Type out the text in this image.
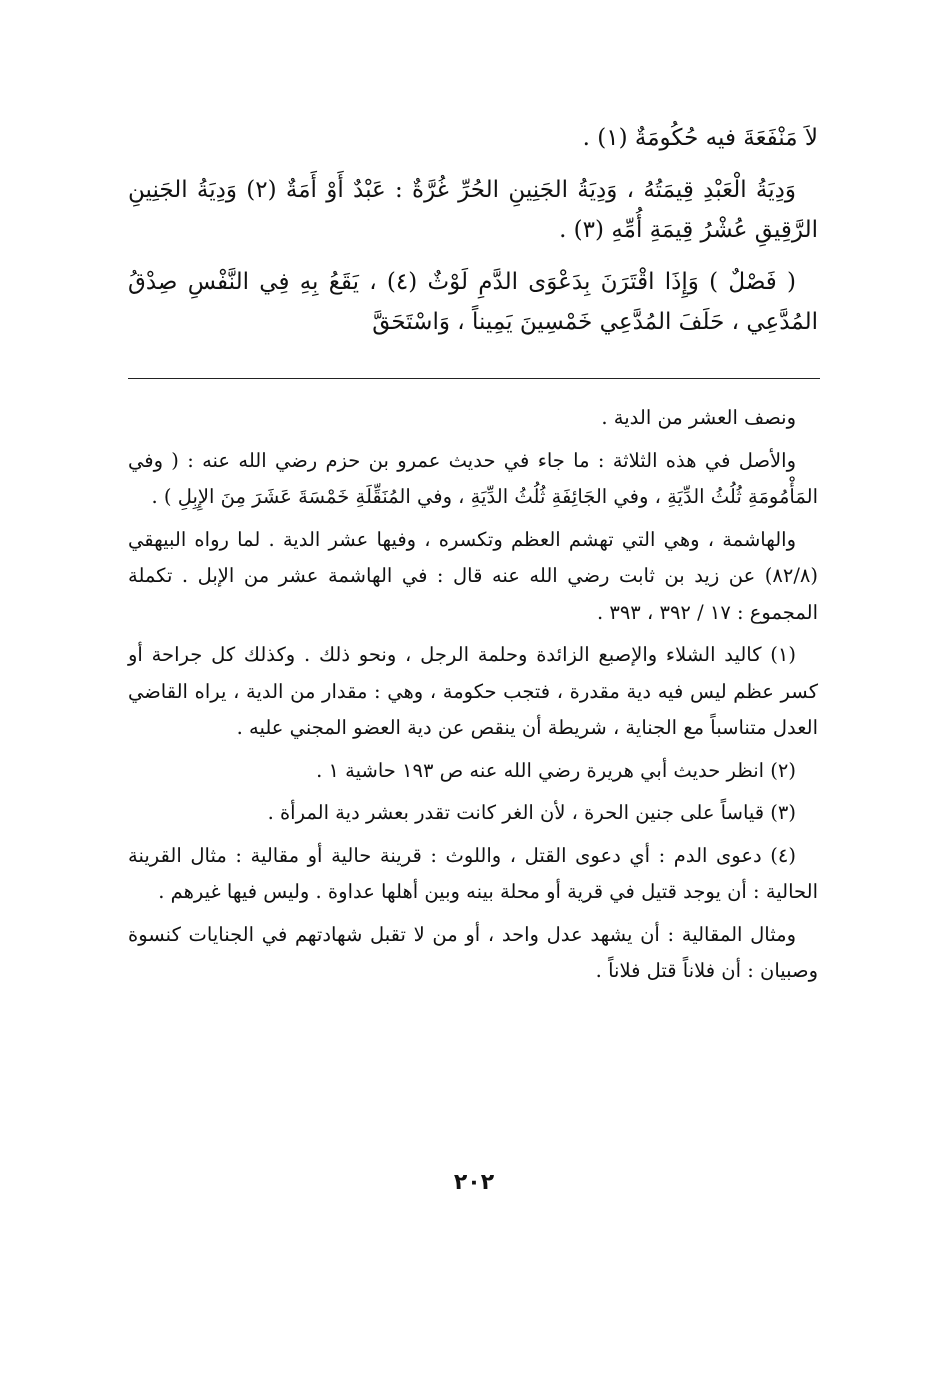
لاَ مَنْفَعَةَ فيه حُكُومَةٌ (١) .

وَدِيَةُ الْعَبْدِ قِيمَتُهُ ، وَدِيَةُ الجَنِينِ الحُرِّ غُرَّةٌ : عَبْدٌ أَوْ أَمَةٌ (٢) وَدِيَةُ الجَنِينِ الرَّقِيقِ عُشْرُ قِيمَةِ أُمِّهِ (٣) .

( فَصْلٌ ) وَإِذَا اقْتَرَنَ بِدَعْوَى الدَّمِ لَوْثٌ (٤) ، يَقَعُ بِهِ فِي النَّفْسِ صِدْقُ المُدَّعِي ، حَلَفَ المُدَّعِي خَمْسِينَ يَمِيناً ، وَاسْتَحَقَّ

ونصف العشر من الدية .

والأصل في هذه الثلاثة : ما جاء في حديث عمرو بن حزم رضي الله عنه : ( وفي المَأْمُومَةِ ثُلُثُ الدِّيَةِ ، وفي الجَائِفَةِ ثُلُثُ الدِّيَةِ ، وفي المُنَقِّلَةِ خَمْسَةَ عَشَرَ مِنَ الإِبِلِ ) .

والهاشمة ، وهي التي تهشم العظم وتكسره ، وفيها عشر الدية . لما رواه البيهقي (٨٢/٨) عن زيد بن ثابت رضي الله عنه قال : في الهاشمة عشر من الإبل . تكملة المجموع : ١٧ / ٣٩٢ ، ٣٩٣ .

(١) كاليد الشلاء والإصبع الزائدة وحلمة الرجل ، ونحو ذلك . وكذلك كل جراحة أو كسر عظم ليس فيه دية مقدرة ، فتجب حكومة ، وهي : مقدار من الدية ، يراه القاضي العدل متناسباً مع الجناية ، شريطة أن ينقص عن دية العضو المجني عليه .

(٢) انظر حديث أبي هريرة رضي الله عنه ص ١٩٣ حاشية ١ .

(٣) قياساً على جنين الحرة ، لأن الغر كانت تقدر بعشر دية المرأة .

(٤) دعوى الدم : أي دعوى القتل ، واللوث : قرينة حالية أو مقالية : مثال القرينة الحالية : أن يوجد قتيل في قرية أو محلة بينه وبين أهلها عداوة . وليس فيها غيرهم .

ومثال المقالية : أن يشهد عدل واحد ، أو من لا تقبل شهادتهم في الجنايات كنسوة وصبيان : أن فلاناً قتل فلاناً .

٢٠٢
